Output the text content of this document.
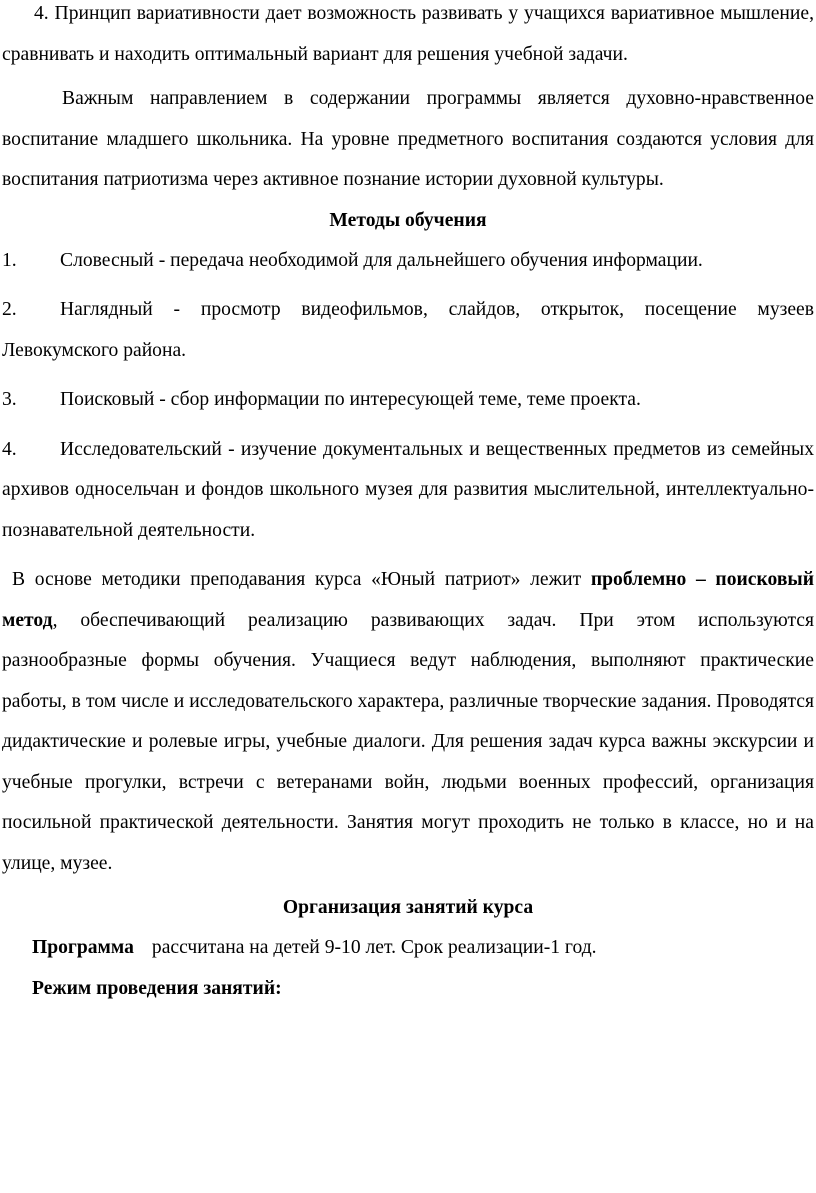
4. Принцип вариативности дает возможность развивать у учащихся вариативное мышление, сравнивать и находить оптимальный вариант для решения учебной задачи.

Важным направлением в содержании программы является духовно-нравственное воспитание младшего школьника. На уровне предметного воспитания создаются условия для воспитания патриотизма через активное познание истории духовной культуры.

Методы обучения

1. Словесный - передача необходимой для дальнейшего обучения информации.

2. Наглядный - просмотр видеофильмов, слайдов, открыток, посещение музеев Левокумского района.

3. Поисковый - сбор информации по интересующей теме, теме проекта.

4. Исследовательский - изучение документальных и вещественных предметов из семейных архивов односельчан и фондов школьного музея для развития мыслительной, интеллектуально-познавательной деятельности.

В основе методики преподавания курса «Юный патриот» лежит проблемно – поисковый метод, обеспечивающий реализацию развивающих задач. При этом используются разнообразные формы обучения. Учащиеся ведут наблюдения, выполняют практические работы, в том числе и исследовательского характера, различные творческие задания. Проводятся дидактические и ролевые игры, учебные диалоги. Для решения задач курса важны экскурсии и учебные прогулки, встречи с ветеранами войн, людьми военных профессий, организация посильной практической деятельности. Занятия могут проходить не только в классе, но и на улице, музее.

Организация занятий курса

Программа рассчитана на детей 9-10 лет. Срок реализации-1 год.

Режим проведения занятий:
